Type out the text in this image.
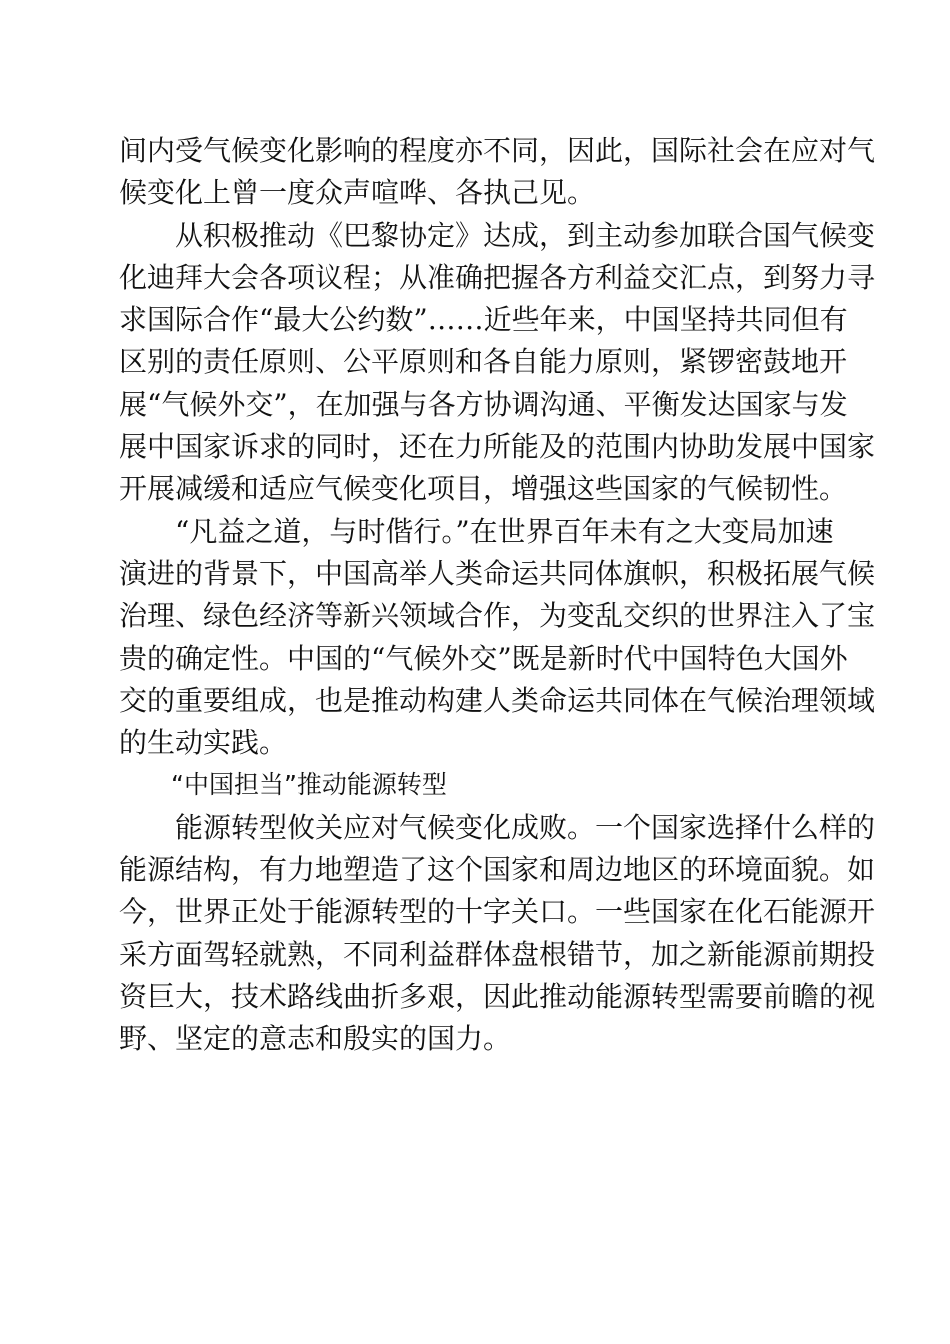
间内受气候变化影响的程度亦不同，因此，国际社会在应对气
候变化上曾一度众声喧哗、各执己见。
从积极推动《巴黎协定》达成，到主动参加联合国气候变
化迪拜大会各项议程；从准确把握各方利益交汇点，到努力寻
求国际合作“最大公约数”……近些年来，中国坚持共同但有
区别的责任原则、公平原则和各自能力原则，紧锣密鼓地开
展“气候外交”，在加强与各方协调沟通、平衡发达国家与发
展中国家诉求的同时，还在力所能及的范围内协助发展中国家
开展减缓和适应气候变化项目，增强这些国家的气候韧性。
“凡益之道，与时偕行。”在世界百年未有之大变局加速
演进的背景下，中国高举人类命运共同体旗帜，积极拓展气候
治理、绿色经济等新兴领域合作，为变乱交织的世界注入了宝
贵的确定性。中国的“气候外交”既是新时代中国特色大国外
交的重要组成，也是推动构建人类命运共同体在气候治理领域
的生动实践。
“中国担当”推动能源转型
能源转型攸关应对气候变化成败。一个国家选择什么样的
能源结构，有力地塑造了这个国家和周边地区的环境面貌。如
今，世界正处于能源转型的十字关口。一些国家在化石能源开
采方面驾轻就熟，不同利益群体盘根错节，加之新能源前期投
资巨大，技术路线曲折多艰，因此推动能源转型需要前瞻的视
野、坚定的意志和殷实的国力。
